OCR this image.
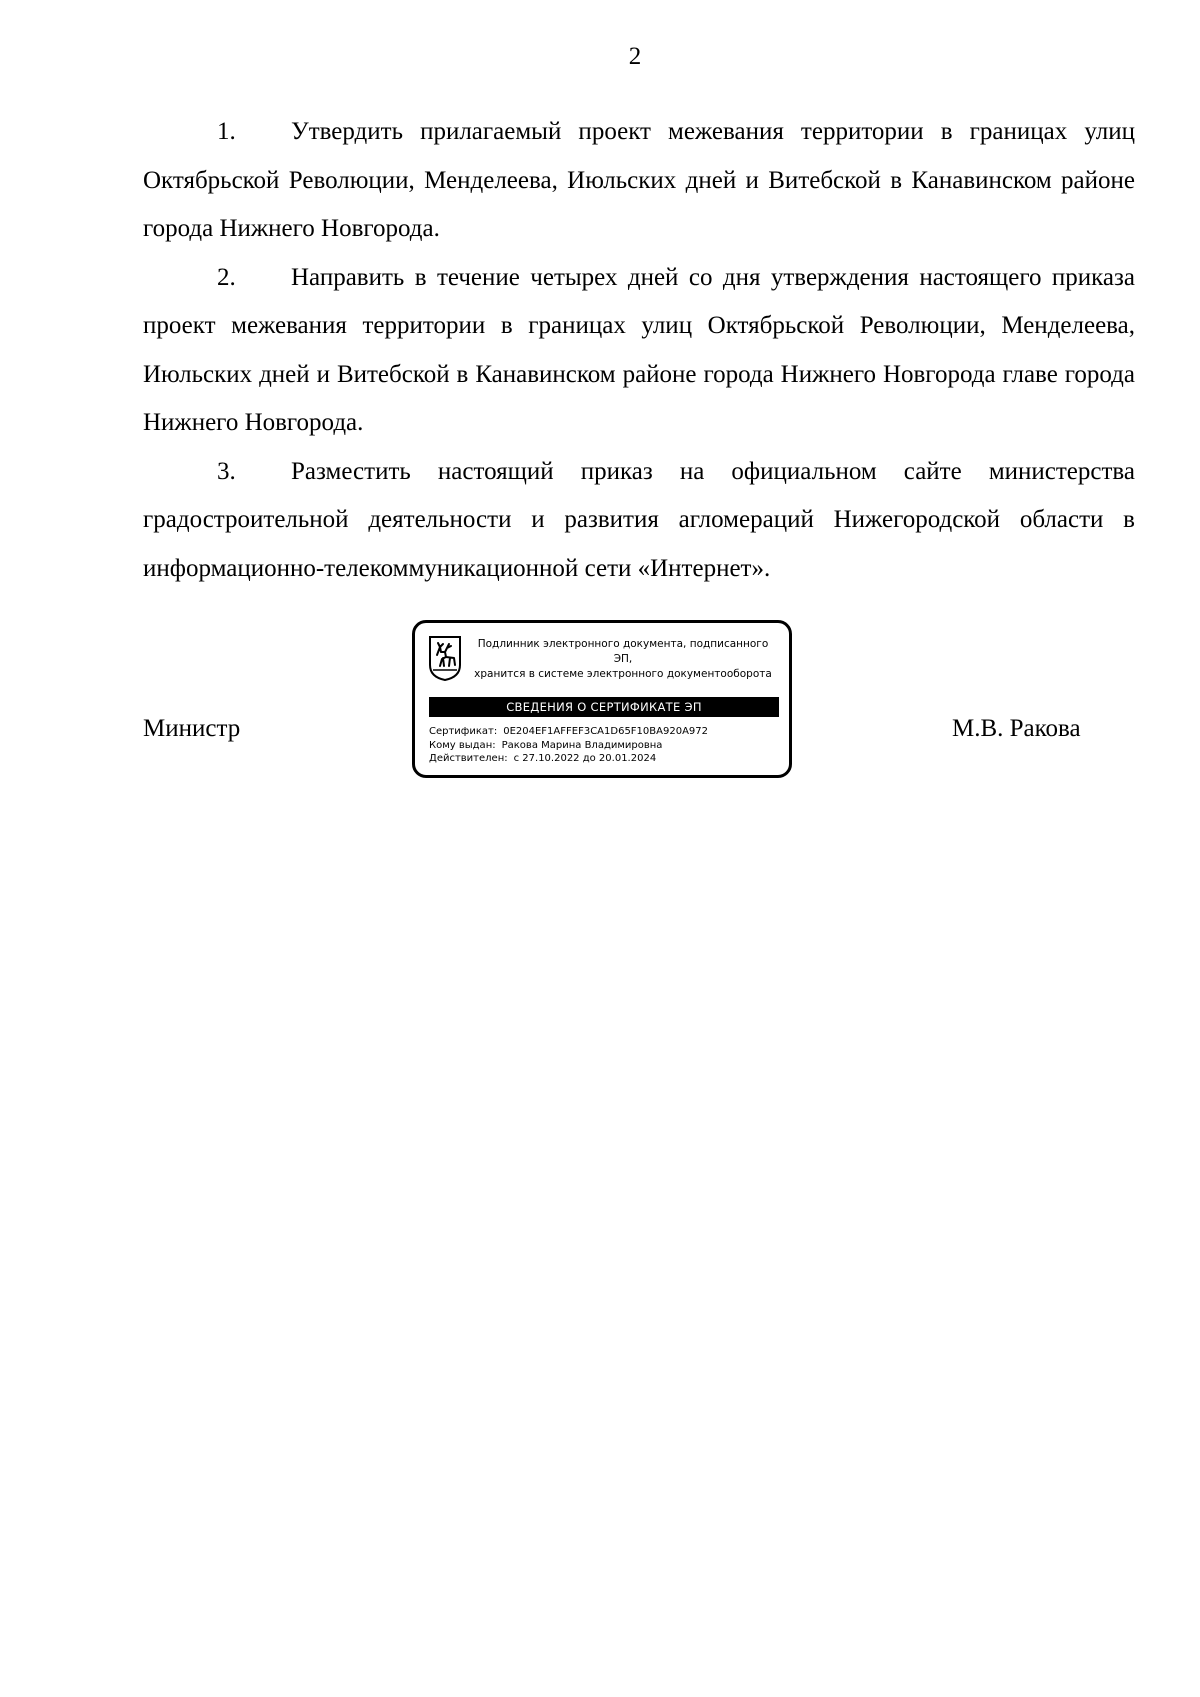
2

1. Утвердить прилагаемый проект межевания территории в границах улиц Октябрьской Революции, Менделеева, Июльских дней и Витебской в Канавинском районе города Нижнего Новгорода.

2. Направить в течение четырех дней со дня утверждения настоящего приказа проект межевания территории в границах улиц Октябрьской Революции, Менделеева, Июльских дней и Витебской в Канавинском районе города Нижнего Новгорода главе города Нижнего Новгорода.

3. Разместить настоящий приказ на официальном сайте министерства градостроительной деятельности и развития агломераций Нижегородской области в информационно-телекоммуникационной сети «Интернет».

Министр
Подлинник электронного документа, подписанного ЭП,
хранится в системе электронного документооборота
СВЕДЕНИЯ О СЕРТИФИКАТЕ ЭП
Сертификат: 0E204EF1AFFEF3CA1D65F10BA920A972
Кому выдан: Ракова Марина Владимировна
Действителен: с 27.10.2022 до 20.01.2024
М.В. Ракова
